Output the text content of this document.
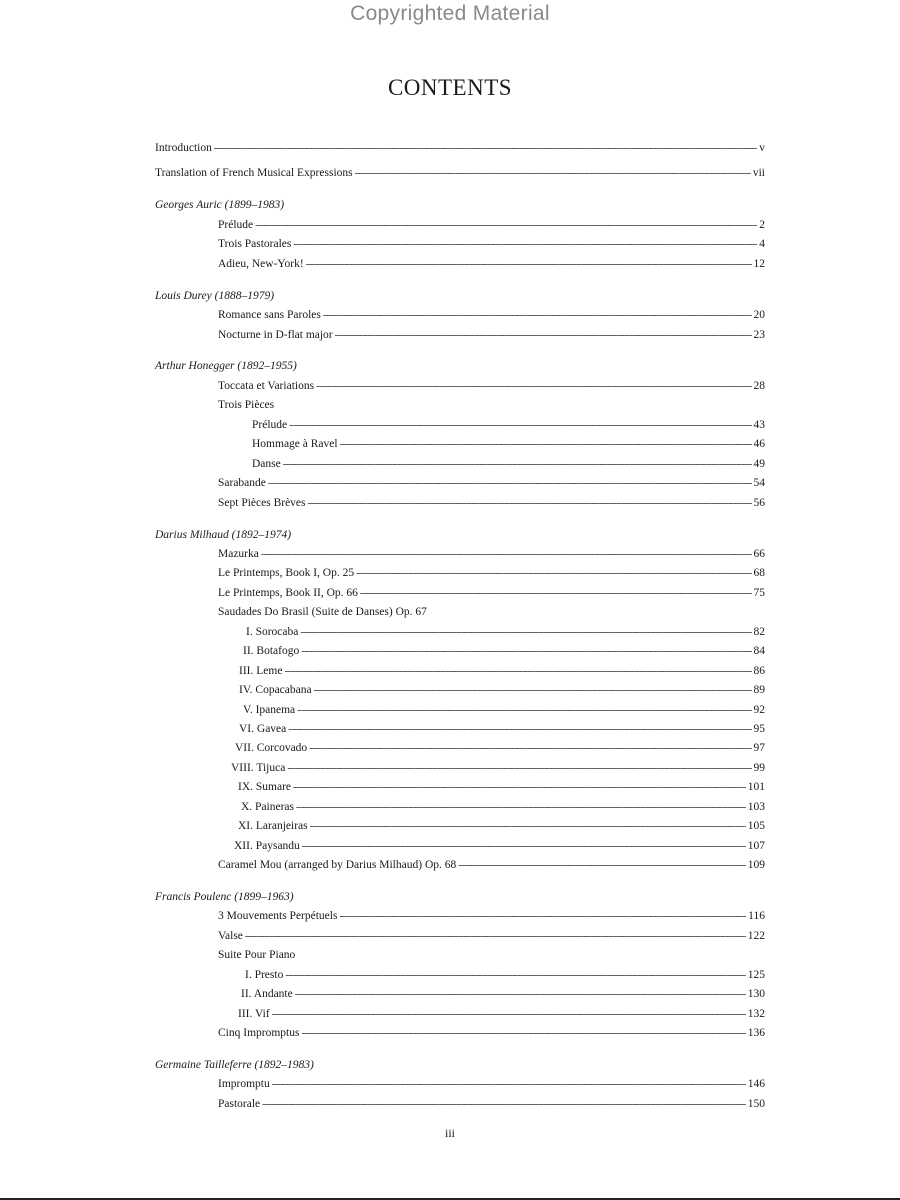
Copyrighted Material
CONTENTS
Introduction -----	v
Translation of French Musical Expressions -----	vii
Georges Auric (1899–1983)
Prélude -----	2
Trois Pastorales -----	4
Adieu, New-York! -----	12
Louis Durey (1888–1979)
Romance sans Paroles -----	20
Nocturne in D-flat major -----	23
Arthur Honegger (1892–1955)
Toccata et Variations -----	28
Trois Pièces
Prélude -----	43
Hommage à Ravel -----	46
Danse -----	49
Sarabande -----	54
Sept Pièces Brèves -----	56
Darius Milhaud (1892–1974)
Mazurka -----	66
Le Printemps, Book I, Op. 25 -----	68
Le Printemps, Book II, Op. 66 -----	75
Saudades Do Brasil (Suite de Danses) Op. 67
I. Sorocaba -----	82
II. Botafogo -----	84
III. Leme -----	86
IV. Copacabana -----	89
V. Ipanema -----	92
VI. Gavea -----	95
VII. Corcovado -----	97
VIII. Tijuca -----	99
IX. Sumare -----	101
X. Paineras -----	103
XI. Laranjeiras -----	105
XII. Paysandu -----	107
Caramel Mou (arranged by Darius Milhaud) Op. 68 -----	109
Francis Poulenc (1899–1963)
3 Mouvements Perpétuels -----	116
Valse -----	122
Suite Pour Piano
I. Presto -----	125
II. Andante -----	130
III. Vif -----	132
Cinq Impromptus -----	136
Germaine Tailleferre (1892–1983)
Impromptu -----	146
Pastorale -----	150
iii
